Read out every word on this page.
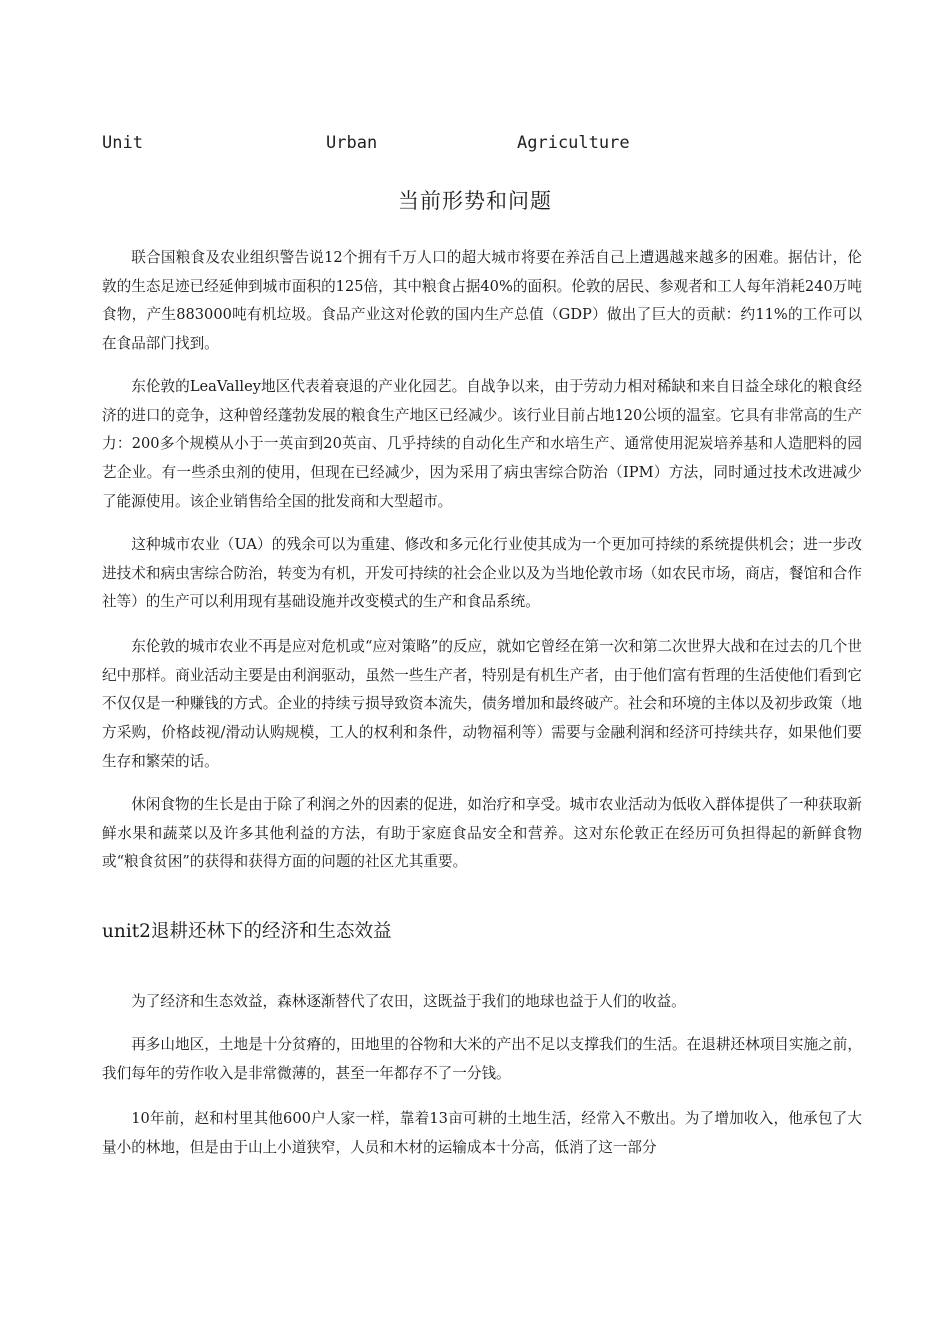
Unit	Urban	Agriculture
当前形势和问题

联合国粮食及农业组织警告说12个拥有千万人口的超大城市将要在养活自己上遭遇越来越多的困难。据估计，伦敦的生态足迹已经延伸到城市面积的125倍，其中粮食占据40%的面积。伦敦的居民、参观者和工人每年消耗240万吨食物，产生883000吨有机垃圾。食品产业这对伦敦的国内生产总值（GDP）做出了巨大的贡献：约11%的工作可以在食品部门找到。

东伦敦的LeaValley地区代表着衰退的产业化园艺。自战争以来，由于劳动力相对稀缺和来自日益全球化的粮食经济的进口的竞争，这种曾经蓬勃发展的粮食生产地区已经减少。该行业目前占地120公顷的温室。它具有非常高的生产力：200多个规模从小于一英亩到20英亩、几乎持续的自动化生产和水培生产、通常使用泥炭培养基和人造肥料的园艺企业。有一些杀虫剂的使用，但现在已经减少，因为采用了病虫害综合防治（IPM）方法，同时通过技术改进减少了能源使用。该企业销售给全国的批发商和大型超市。

这种城市农业（UA）的残余可以为重建、修改和多元化行业使其成为一个更加可持续的系统提供机会；进一步改进技术和病虫害综合防治，转变为有机，开发可持续的社会企业以及为当地伦敦市场（如农民市场，商店，餐馆和合作社等）的生产可以利用现有基础设施并改变模式的生产和食品系统。

东伦敦的城市农业不再是应对危机或“应对策略”的反应，就如它曾经在第一次和第二次世界大战和在过去的几个世纪中那样。商业活动主要是由利润驱动，虽然一些生产者，特别是有机生产者，由于他们富有哲理的生活使他们看到它不仅仅是一种赚钱的方式。企业的持续亏损导致资本流失，债务增加和最终破产。社会和环境的主体以及初步政策（地方采购，价格歧视/滑动认购规模，工人的权利和条件，动物福利等）需要与金融利润和经济可持续共存，如果他们要生存和繁荣的话。

休闲食物的生长是由于除了利润之外的因素的促进，如治疗和享受。城市农业活动为低收入群体提供了一种获取新鲜水果和蔬菜以及许多其他利益的方法，有助于家庭食品安全和营养。这对东伦敦正在经历可负担得起的新鲜食物或“粮食贫困”的获得和获得方面的问题的社区尤其重要。

unit2退耕还林下的经济和生态效益

为了经济和生态效益，森林逐渐替代了农田，这既益于我们的地球也益于人们的收益。

再多山地区，土地是十分贫瘠的，田地里的谷物和大米的产出不足以支撑我们的生活。在退耕还林项目实施之前，我们每年的劳作收入是非常微薄的，甚至一年都存不了一分钱。

10年前，赵和村里其他600户人家一样，靠着13亩可耕的土地生活，经常入不敷出。为了增加收入，他承包了大量小的林地，但是由于山上小道狭窄，人员和木材的运输成本十分高，低消了这一部分
